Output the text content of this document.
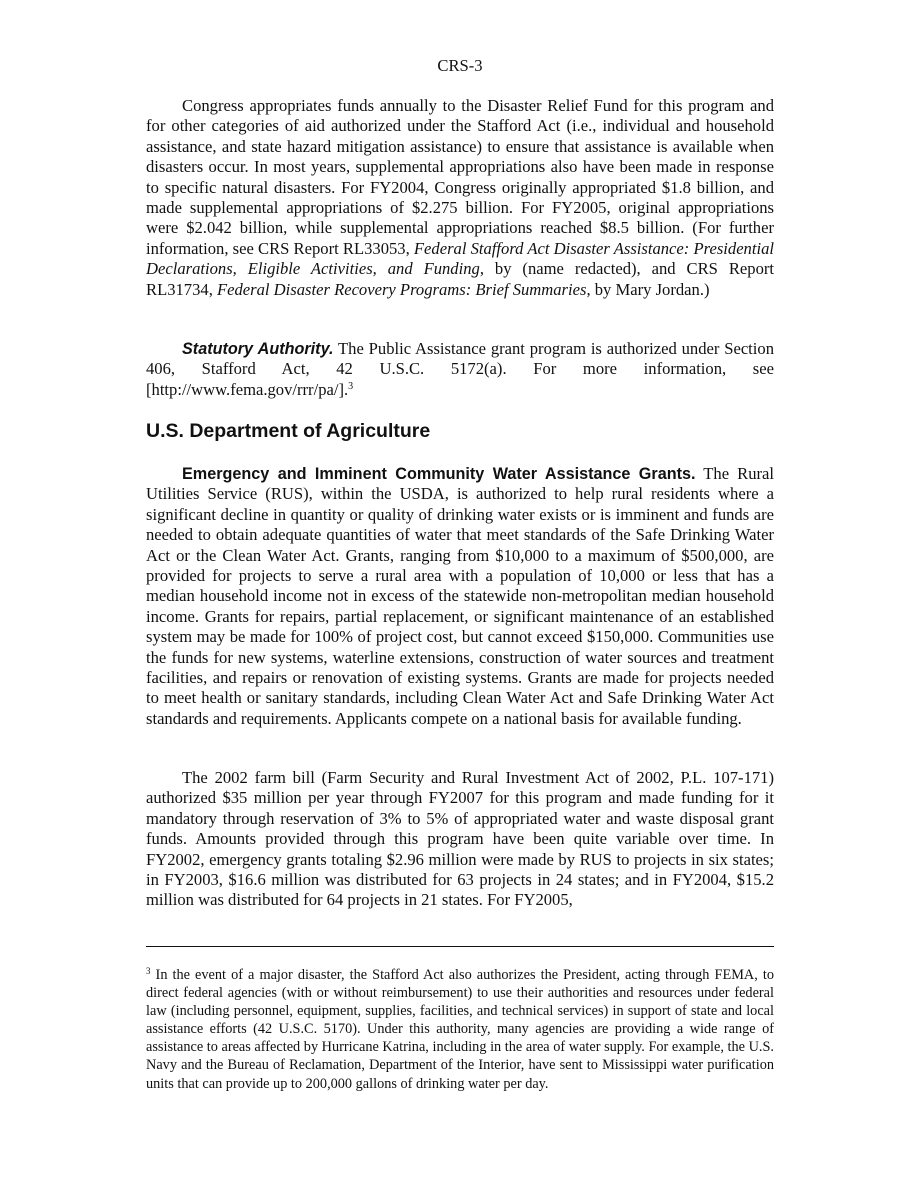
CRS-3

Congress appropriates funds annually to the Disaster Relief Fund for this program and for other categories of aid authorized under the Stafford Act (i.e., individual and household assistance, and state hazard mitigation assistance) to ensure that assistance is available when disasters occur. In most years, supplemental appropriations also have been made in response to specific natural disasters. For FY2004, Congress originally appropriated $1.8 billion, and made supplemental appropriations of $2.275 billion. For FY2005, original appropriations were $2.042 billion, while supplemental appropriations reached $8.5 billion. (For further information, see CRS Report RL33053, Federal Stafford Act Disaster Assistance: Presidential Declarations, Eligible Activities, and Funding, by (name redacted), and CRS Report RL31734, Federal Disaster Recovery Programs: Brief Summaries, by Mary Jordan.)

Statutory Authority. The Public Assistance grant program is authorized under Section 406, Stafford Act, 42 U.S.C. 5172(a). For more information, see [http://www.fema.gov/rrr/pa/].$^3$

U.S. Department of Agriculture

Emergency and Imminent Community Water Assistance Grants. The Rural Utilities Service (RUS), within the USDA, is authorized to help rural residents where a significant decline in quantity or quality of drinking water exists or is imminent and funds are needed to obtain adequate quantities of water that meet standards of the Safe Drinking Water Act or the Clean Water Act. Grants, ranging from $10,000 to a maximum of $500,000, are provided for projects to serve a rural area with a population of 10,000 or less that has a median household income not in excess of the statewide non-metropolitan median household income. Grants for repairs, partial replacement, or significant maintenance of an established system may be made for 100% of project cost, but cannot exceed $150,000. Communities use the funds for new systems, waterline extensions, construction of water sources and treatment facilities, and repairs or renovation of existing systems. Grants are made for projects needed to meet health or sanitary standards, including Clean Water Act and Safe Drinking Water Act standards and requirements. Applicants compete on a national basis for available funding.

The 2002 farm bill (Farm Security and Rural Investment Act of 2002, P.L. 107-171) authorized $35 million per year through FY2007 for this program and made funding for it mandatory through reservation of 3% to 5% of appropriated water and waste disposal grant funds. Amounts provided through this program have been quite variable over time. In FY2002, emergency grants totaling $2.96 million were made by RUS to projects in six states; in FY2003, $16.6 million was distributed for 63 projects in 24 states; and in FY2004, $15.2 million was distributed for 64 projects in 21 states. For FY2005,

$^3$ In the event of a major disaster, the Stafford Act also authorizes the President, acting through FEMA, to direct federal agencies (with or without reimbursement) to use their authorities and resources under federal law (including personnel, equipment, supplies, facilities, and technical services) in support of state and local assistance efforts (42 U.S.C. 5170). Under this authority, many agencies are providing a wide range of assistance to areas affected by Hurricane Katrina, including in the area of water supply. For example, the U.S. Navy and the Bureau of Reclamation, Department of the Interior, have sent to Mississippi water purification units that can provide up to 200,000 gallons of drinking water per day.
